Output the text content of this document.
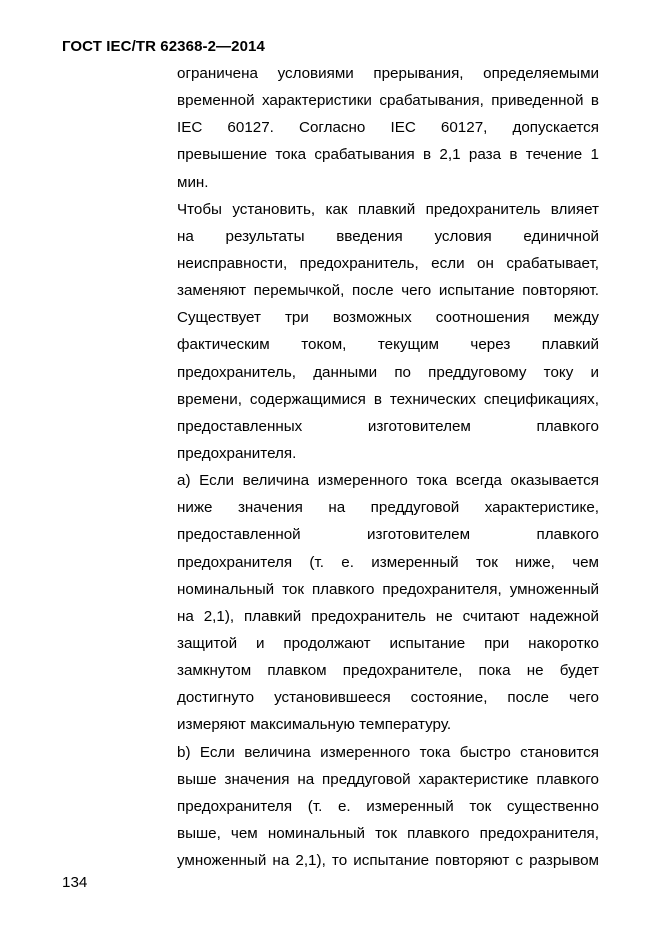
ГОСТ IEC/TR 62368-2—2014
ограничена условиями прерывания, определяемыми
временной характеристики срабатывания, приведенной в
IEC 60127. Согласно IEC 60127, допускается
превышение тока срабатывания в 2,1 раза в течение 1
мин.
Чтобы установить, как плавкий предохранитель влияет
на результаты введения условия единичной
неисправности, предохранитель, если он срабатывает,
заменяют перемычкой, после чего испытание повторяют.
Существует три возможных соотношения между
фактическим током, текущим через плавкий
предохранитель, данными по преддуговому току и
времени, содержащимися в технических спецификациях,
предоставленных изготовителем плавкого
предохранителя.
a) Если величина измеренного тока всегда оказывается
ниже значения на преддуговой характеристике,
предоставленной изготовителем плавкого
предохранителя (т. е. измеренный ток ниже, чем
номинальный ток плавкого предохранителя, умноженный
на 2,1), плавкий предохранитель не считают надежной
защитой и продолжают испытание при накоротко
замкнутом плавком предохранителе, пока не будет
достигнуто установившееся состояние, после чего
измеряют максимальную температуру.
b) Если величина измеренного тока быстро становится
выше значения на преддуговой характеристике плавкого
предохранителя (т. е. измеренный ток существенно
выше, чем номинальный ток плавкого предохранителя,
умноженный на 2,1), то испытание повторяют с разрывом
134
